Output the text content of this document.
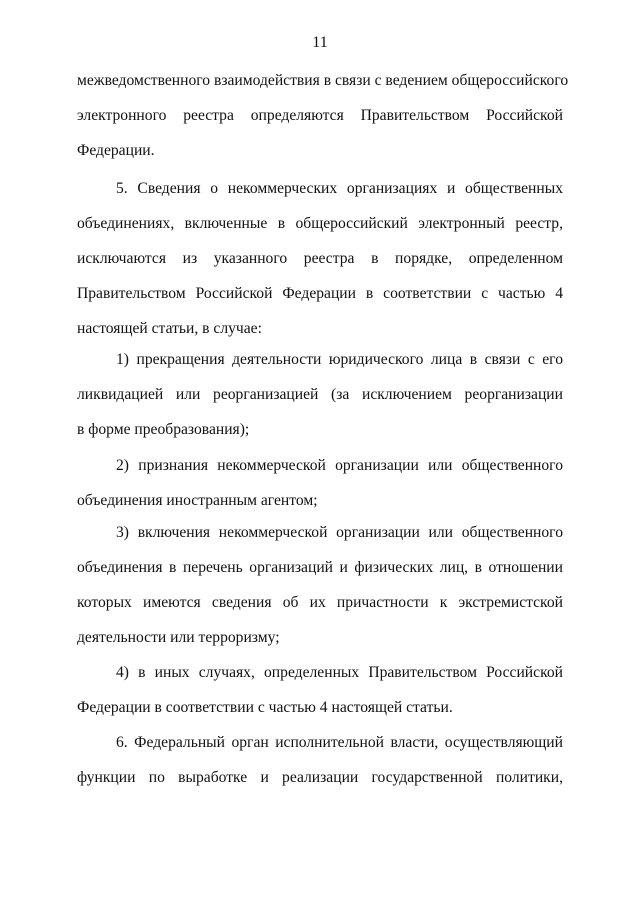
11
межведомственного взаимодействия в связи с ведением общероссийского
электронного реестра определяются Правительством Российской
Федерации.
5. Сведения о некоммерческих организациях и общественных
объединениях, включенные в общероссийский электронный реестр,
исключаются из указанного реестра в порядке, определенном
Правительством Российской Федерации в соответствии с частью 4
настоящей статьи, в случае:
1) прекращения деятельности юридического лица в связи с его
ликвидацией или реорганизацией (за исключением реорганизации
в форме преобразования);
2) признания некоммерческой организации или общественного
объединения иностранным агентом;
3) включения некоммерческой организации или общественного
объединения в перечень организаций и физических лиц, в отношении
которых имеются сведения об их причастности к экстремистской
деятельности или терроризму;
4) в иных случаях, определенных Правительством Российской
Федерации в соответствии с частью 4 настоящей статьи.
6. Федеральный орган исполнительной власти, осуществляющий
функции по выработке и реализации государственной политики,
